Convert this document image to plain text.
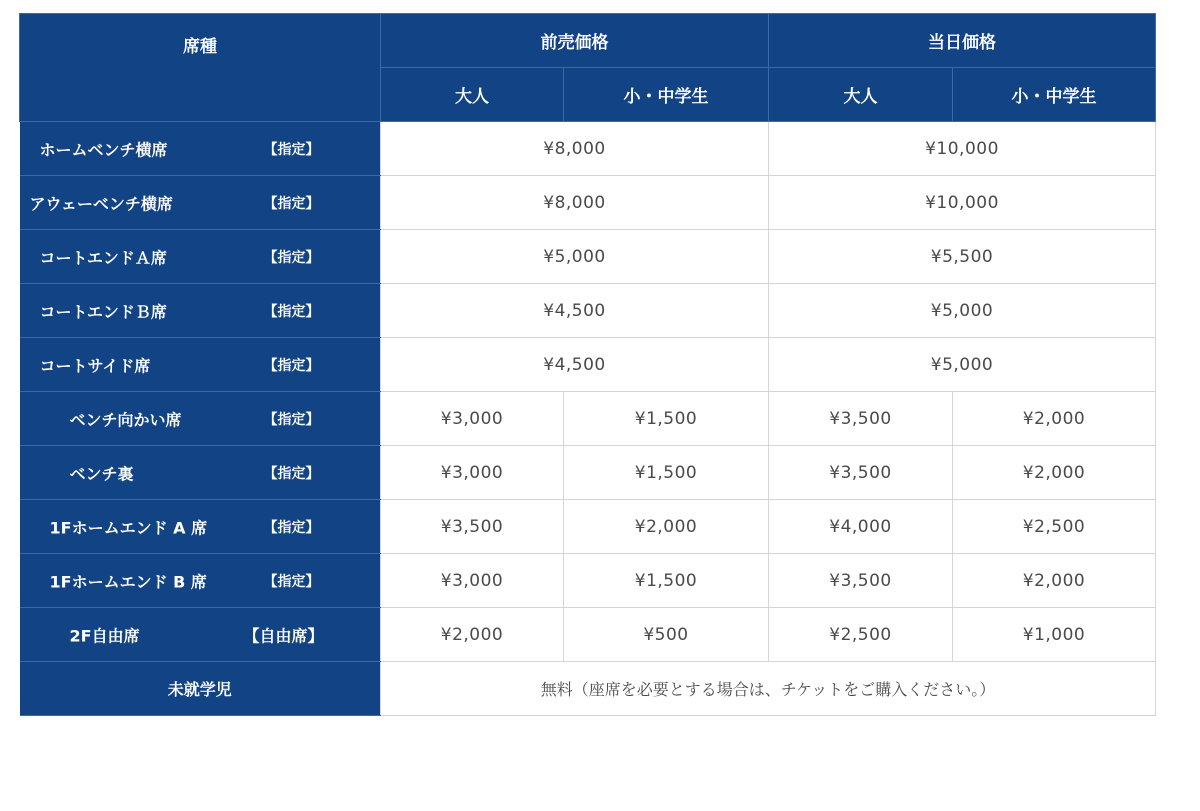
席種	前売価格		当日価格	
	大人	小・中学生	大人	小・中学生

ホームベンチ横席 【指定】	¥8,000		¥10,000	

アウェーベンチ横席 【指定】	¥8,000		¥10,000	

コートエンドＡ席 【指定】	¥5,000		¥5,500	

コートエンドＢ席 【指定】	¥4,500		¥5,000	

コートサイド席 【指定】	¥4,500		¥5,000	

ベンチ向かい席 【指定】	¥3,000	¥1,500	¥3,500	¥2,000

ベンチ裏 【指定】	¥3,000	¥1,500	¥3,500	¥2,000

1Fホームエンド A 席 【指定】	¥3,500	¥2,000	¥4,000	¥2,500

1Fホームエンド B 席 【指定】	¥3,000	¥1,500	¥3,500	¥2,000

2F自由席 【自由席】	¥2,000	¥500	¥2,500	¥1,000
未就学児	無料（座席を必要とする場合は、チケットをご購入ください。）			
